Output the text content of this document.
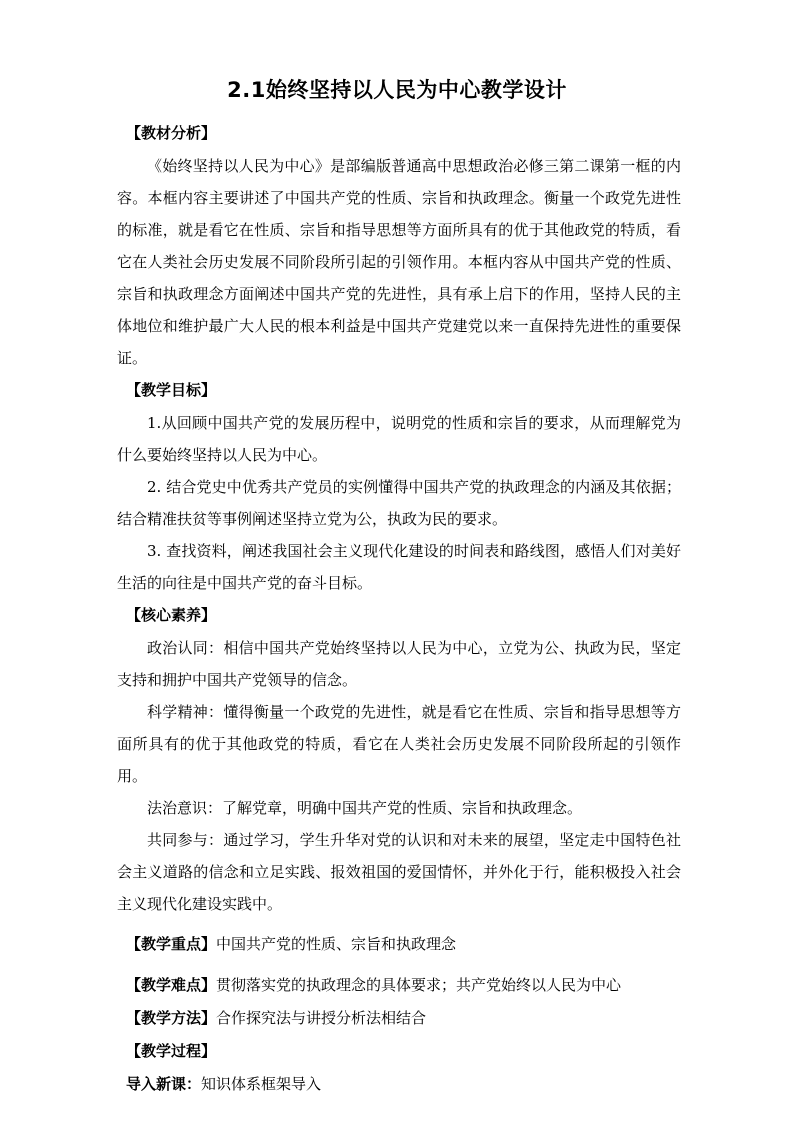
2.1始终坚持以人民为中心教学设计

【教材分析】

《始终坚持以人民为中心》是部编版普通高中思想政治必修三第二课第一框的内容。本框内容主要讲述了中国共产党的性质、宗旨和执政理念。衡量一个政党先进性的标准，就是看它在性质、宗旨和指导思想等方面所具有的优于其他政党的特质，看它在人类社会历史发展不同阶段所引起的引领作用。本框内容从中国共产党的性质、宗旨和执政理念方面阐述中国共产党的先进性，具有承上启下的作用，坚持人民的主体地位和维护最广大人民的根本利益是中国共产党建党以来一直保持先进性的重要保证。

【教学目标】

1.从回顾中国共产党的发展历程中，说明党的性质和宗旨的要求，从而理解党为什么要始终坚持以人民为中心。

2. 结合党史中优秀共产党员的实例懂得中国共产党的执政理念的内涵及其依据；结合精准扶贫等事例阐述坚持立党为公，执政为民的要求。

3. 查找资料，阐述我国社会主义现代化建设的时间表和路线图，感悟人们对美好生活的向往是中国共产党的奋斗目标。

【核心素养】

政治认同：相信中国共产党始终坚持以人民为中心，立党为公、执政为民，坚定支持和拥护中国共产党领导的信念。

科学精神：懂得衡量一个政党的先进性，就是看它在性质、宗旨和指导思想等方面所具有的优于其他政党的特质，看它在人类社会历史发展不同阶段所起的引领作用。

法治意识：了解党章，明确中国共产党的性质、宗旨和执政理念。

共同参与：通过学习，学生升华对党的认识和对未来的展望，坚定走中国特色社会主义道路的信念和立足实践、报效祖国的爱国情怀，并外化于行，能积极投入社会主义现代化建设实践中。

【教学重点】中国共产党的性质、宗旨和执政理念

【教学难点】贯彻落实党的执政理念的具体要求；共产党始终以人民为中心

【教学方法】合作探究法与讲授分析法相结合

【教学过程】

导入新课：知识体系框架导入
